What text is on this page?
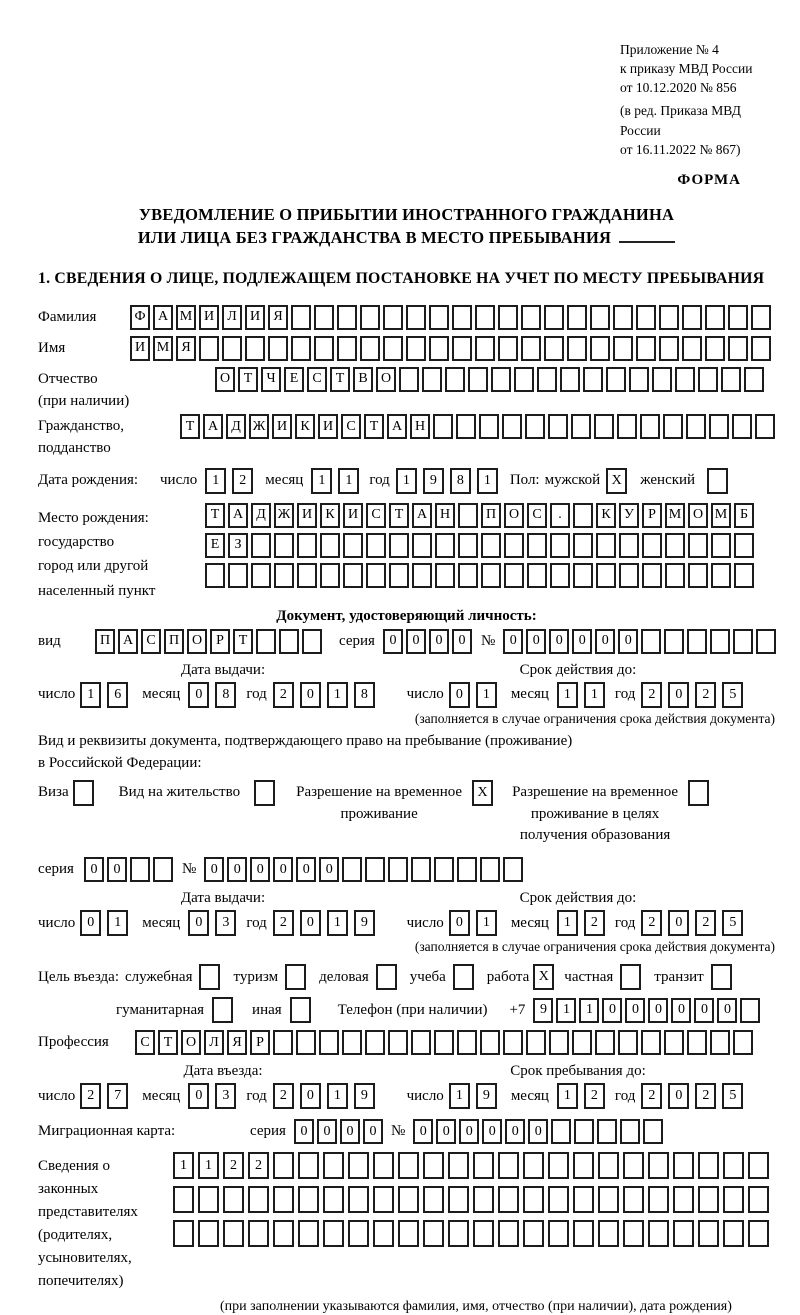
Приложение № 4
к приказу МВД России
от 10.12.2020 № 856
(в ред. Приказа МВД России
от 16.11.2022 № 867)
ФОРМА
УВЕДОМЛЕНИЕ О ПРИБЫТИИ ИНОСТРАННОГО ГРАЖДАНИНА
ИЛИ ЛИЦА БЕЗ ГРАЖДАНСТВА В МЕСТО ПРЕБЫВАНИЯ
1. СВЕДЕНИЯ О ЛИЦЕ, ПОДЛЕЖАЩЕМ ПОСТАНОВКЕ НА УЧЕТ ПО МЕСТУ ПРЕБЫВАНИЯ
Фамилия	Ф А М И Л И Я
Имя	И М Я
Отчество
(при наличии)
О Т	Ч	Е	С	Т	В О
Гражданство,
подданство
Т А Д Ж И К И С	Т А Н
Дата рождения:	число	1	2	месяц	1	1	год 1	9	8	1	Пол: мужской X	женский
Место рождения:
государство
город или другой
населенный пункт
Т А Д Ж И К И С	Т А Н	П О С	.	К У	Р М О М Б
Е	З
Документ, удостоверяющий личность:
вид	П А С П О	Р	Т	серия	0	0	0	0	№	0	0	0	0	0	0
Дата выдачи:
число 1	6	месяц	0	8	год 2	0	1	8
Срок действия до:
число 0	1	месяц	1	1	год 2	0	2	5
(заполняется в случае ограничения срока действия документа)
Вид и реквизиты документа, подтверждающего право на пребывание (проживание)
в Российской Федерации:
Виза	Вид на жительство	Разрешение на временное
проживание
X	Разрешение на временное
проживание в целях
получения образования
серия	0	0	№	0	0	0	0	0	0
Дата выдачи:
число 0	1	месяц	0	3	год 2	0	1	9
Срок действия до:
число 0	1	месяц	1	2	год 2	0	2	5
(заполняется в случае ограничения срока действия документа)
Цель въезда: служебная	туризм	деловая	учеба	работа X	частная	транзит
гуманитарная	иная	Телефон (при наличии) +7	9	1	1	0	0	0	0	0	0
Профессия	С	Т О Л Я	Р
Дата въезда:
число 2	7	месяц	0	3	год 2	0	1	9
Срок пребывания до:
число 1	9	месяц	1	2	год 2	0	2	5
Миграционная карта:	серия	0	0	0	0 №	0	0	0	0	0	0
Сведения о
законных
представителях
(родителях,
усыновителях,
попечителях)
1	1	2	2
(при заполнении указываются фамилия, имя, отчество (при наличии), дата рождения)
